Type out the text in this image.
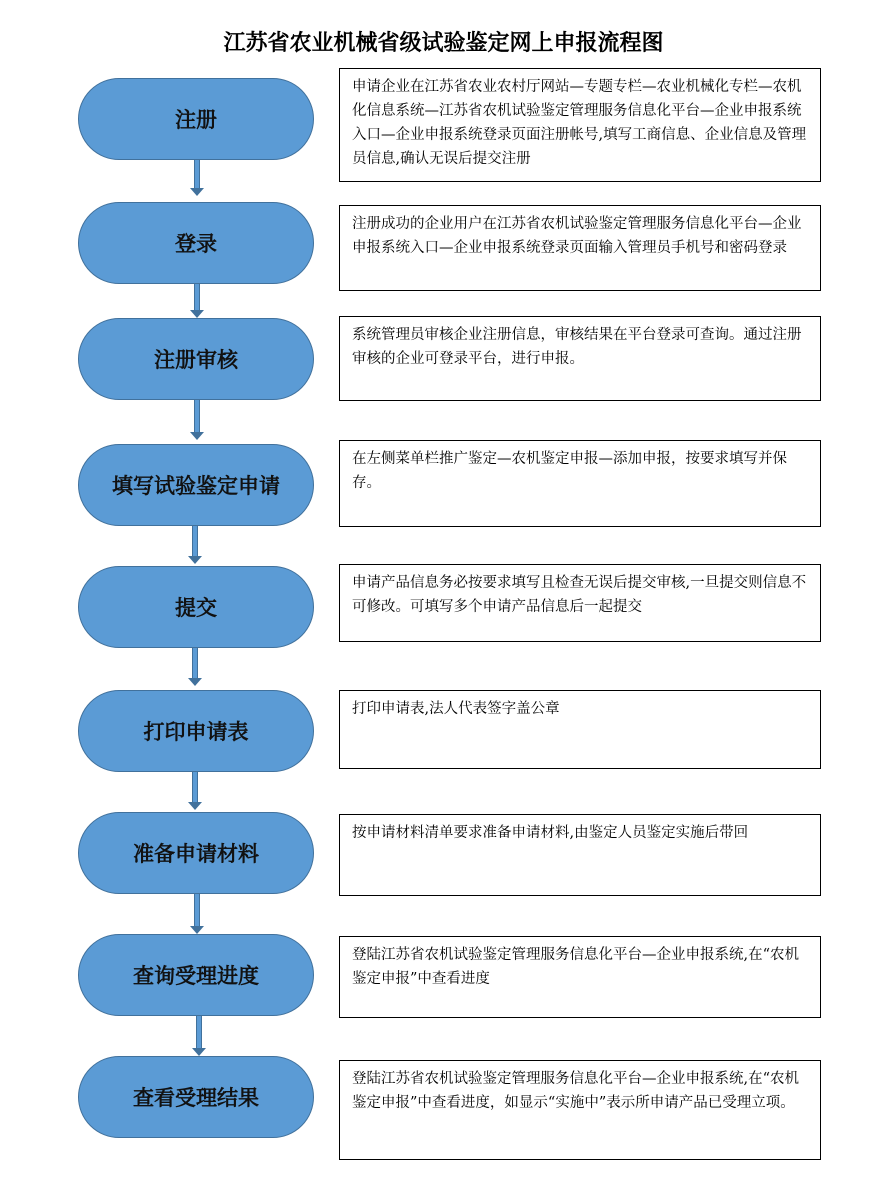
江苏省农业机械省级试验鉴定网上申报流程图
注册
申请企业在江苏省农业农村厅网站—专题专栏—农业机械化专栏—农机化信息系统—江苏省农机试验鉴定管理服务信息化平台—企业申报系统入口—企业申报系统登录页面注册帐号,填写工商信息、企业信息及管理员信息,确认无误后提交注册
登录
注册成功的企业用户在江苏省农机试验鉴定管理服务信息化平台—企业申报系统入口—企业申报系统登录页面输入管理员手机号和密码登录
注册审核
系统管理员审核企业注册信息，审核结果在平台登录可查询。通过注册审核的企业可登录平台，进行申报。
填写试验鉴定申请
在左侧菜单栏推广鉴定—农机鉴定申报—添加申报，按要求填写并保存。
提交
申请产品信息务必按要求填写且检查无误后提交审核,一旦提交则信息不可修改。可填写多个申请产品信息后一起提交
打印申请表
打印申请表,法人代表签字盖公章
准备申请材料
按申请材料清单要求准备申请材料,由鉴定人员鉴定实施后带回
查询受理进度
登陆江苏省农机试验鉴定管理服务信息化平台—企业申报系统,在“农机鉴定申报”中查看进度
查看受理结果
登陆江苏省农机试验鉴定管理服务信息化平台—企业申报系统,在“农机鉴定申报”中查看进度，如显示“实施中”表示所申请产品已受理立项。
